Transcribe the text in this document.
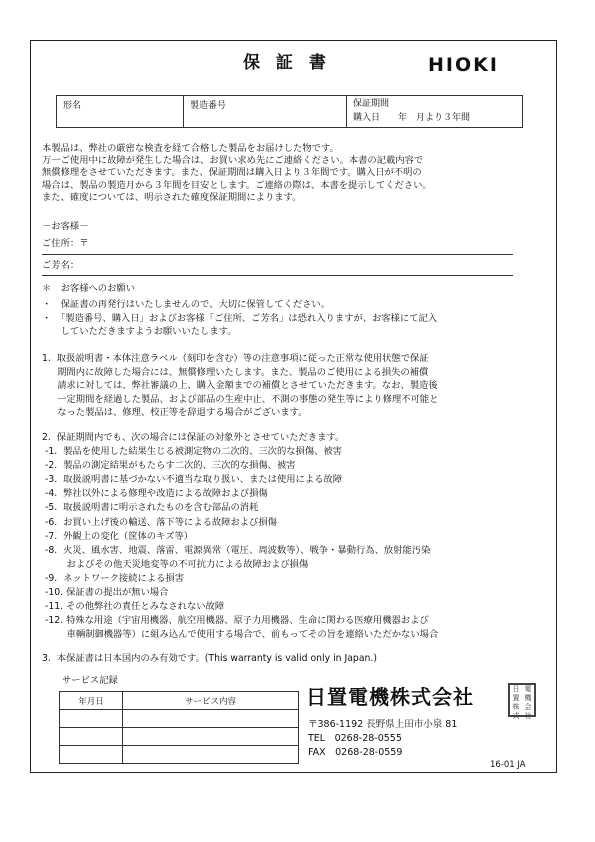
保 証 書	HIOKI
形名	製造番号	保証期間
購入日　　年　月より３年間
本製品は、弊社の厳密な検査を経て合格した製品をお届けした物です。
万一ご使用中に故障が発生した場合は、お買い求め先にご連絡ください。本書の記載内容で
無償修理をさせていただきます。また、保証期間は購入日より３年間です。購入日が不明の
場合は、製品の製造月から３年間を目安とします。ご連絡の際は、本書を提示してください。
また、確度については、明示された確度保証期間によります。
－お客様－
ご住所：〒
ご芳名：
＊　お客様へのお願い
・　保証書の再発行はいたしませんので、大切に保管してください。
・　「製造番号、購入日」およびお客様「ご住所、ご芳名」は恐れ入りますが、お客様にて記入
　　していただきますようお願いいたします。
1.  取扱説明書・本体注意ラベル（刻印を含む）等の注意事項に従った正常な使用状態で保証
　  期間内に故障した場合には、無償修理いたします。また、製品のご使用による損失の補償
　  請求に対しては、弊社審議の上、購入金額までの補償とさせていただきます。なお、製造後
　  一定期間を経過した製品、および部品の生産中止、不測の事態の発生等により修理不可能と
　  なった製品は、修理、校正等を辞退する場合がございます。
2.  保証期間内でも、次の場合には保証の対象外とさせていただきます。
-1.  製品を使用した結果生じる被測定物の二次的、三次的な損傷、被害
-2.  製品の測定結果がもたらす二次的、三次的な損傷、被害
-3.  取扱説明書に基づかない不適当な取り扱い、または使用による故障
-4.  弊社以外による修理や改造による故障および損傷
-5.  取扱説明書に明示されたものを含む部品の消耗
-6.  お買い上げ後の輸送、落下等による故障および損傷
-7.  外観上の変化（筐体のキズ等）
-8.  火災、風水害、地震、落雷、電源異常（電圧、周波数等）、戦争・暴動行為、放射能汚染
　　 およびその他天災地変等の不可抗力による故障および損傷
-9.  ネットワーク接続による損害
-10. 保証書の提出が無い場合
-11. その他弊社の責任とみなされない故障
-12. 特殊な用途（宇宙用機器、航空用機器、原子力用機器、生命に関わる医療用機器および
　　 車輌制御機器等）に組み込んで使用する場合で、前もってその旨を連絡いただかない場合
3.  本保証書は日本国内のみ有効です。(This warranty is valid only in Japan.)
サービス記録
年月日	サービス内容

		日置電機株式会社	日置
電機
株式
会社
〒386-1192 長野県上田市小泉 81
TEL　0268-28-0555
FAX　0268-28-0559
16-01 JA
